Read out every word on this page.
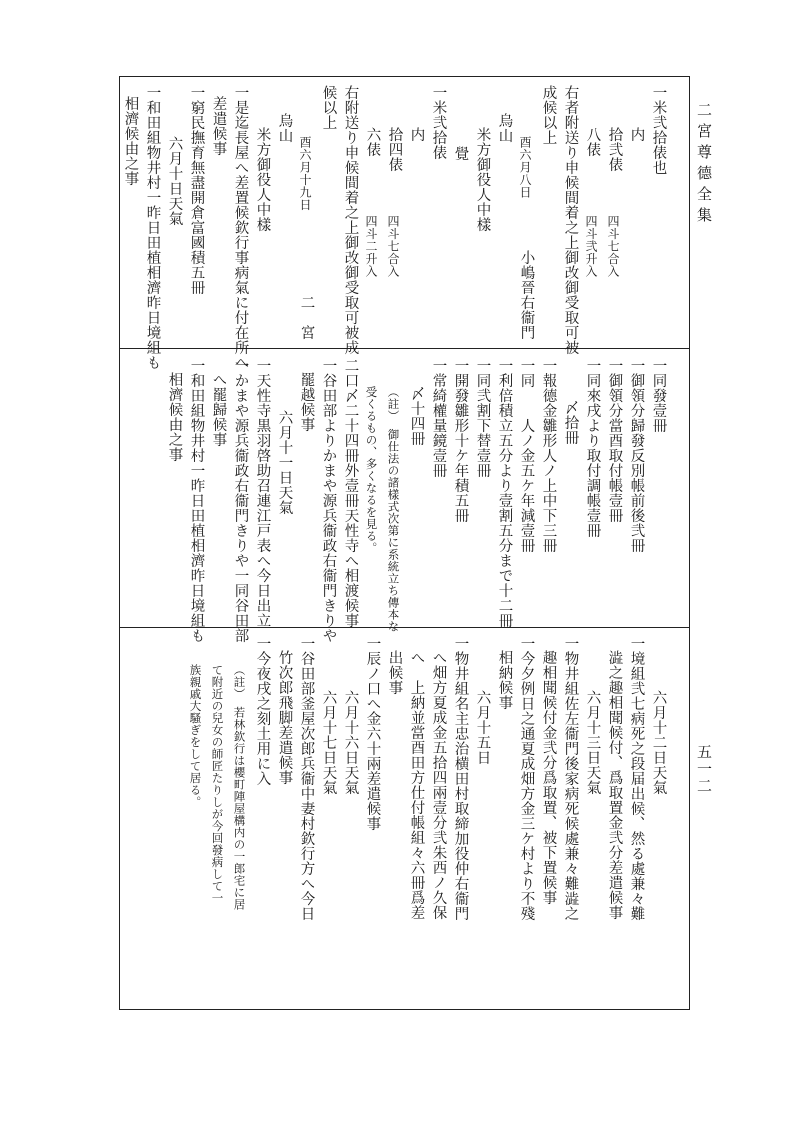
二宮尊德全集
五一二
一米弐拾俵也
内
拾弐俵
四斗七合入
八俵
四斗弐升入
右者附送り申候間着之上御改御受取可被
成候以上
酉六月八日
小嶋晉右衞門
烏山
米方御役人中樣
覺
一米弐拾俵
内
拾四俵
四斗七合入
六俵
四斗二升入
右附送り申候間着之上御改御受取可被成
候以上
酉六月十九日
二　宮
烏山
米方御役人中樣
一是迄長屋へ差置候欽行事病氣に付在所へ
差遣候事
一窮民撫育無盡開倉富國積五冊
六月十日天氣
一和田組物井村一昨日田植相濟昨日境組も
相濟候由之事
一同發壹冊
一御領分歸發反別帳前後弐冊
一御領分當酉取付帳壹冊
一同來戌より取付調帳壹冊
〆拾冊
一報德金雛形人ノ上中下三冊
一同　　人ノ金五ケ年減壹冊
一利倍積立五分より壹割五分まで十二冊
一同弐割下替壹冊
一開發雛形十ケ年積五冊
一常綺權量鏡壹冊
〆十四冊
（註）　御仕法の諸樣式次第に系統立ち傳本な
受くるもの、多くなるを見る。
二口〆二十四冊外壹冊天性寺へ相渡候事
一谷田部よりかまや源兵衞政右衞門きりや
罷越候事
六月十一日天氣
一天性寺黒羽啓助召連江戸表へ今日出立
一かまや源兵衞政右衞門きりや一同谷田部
へ罷歸候事
一和田組物井村一昨日田植相濟昨日境組も
相濟候由之事
六月十二日天氣
一境組弐七病死之段届出候、然る處兼々難
澁之趣相聞候付、爲取置金弐分差遣候事
六月十三日天氣
一物井組佐左衞門後家病死候處兼々難澁之
趣相聞候付金弐分爲取置、被下置候事
一今夕例日之通夏成畑方金三ケ村より不殘
相納候事
六月十五日
一物井組名主忠治横田村取締加役仲右衞門
へ畑方夏成金五拾四兩壹分弐朱西ノ久保
へ　上納並當酉田方仕付帳組々六冊爲差
出候事
一辰ノ口へ金六十兩差遣候事
六月十六日天氣
六月十七日天氣
一谷田部釜屋次郎兵衞中妻村欽行方へ今日
竹次郎飛脚差遣候事
一今夜戌之刻土用に入
（註）　若林欽行は櫻町陣屋構内の一郎宅に居
て附近の兒女の師匠たりしが今回發病して一
族親戚大騷ぎをして居る。
